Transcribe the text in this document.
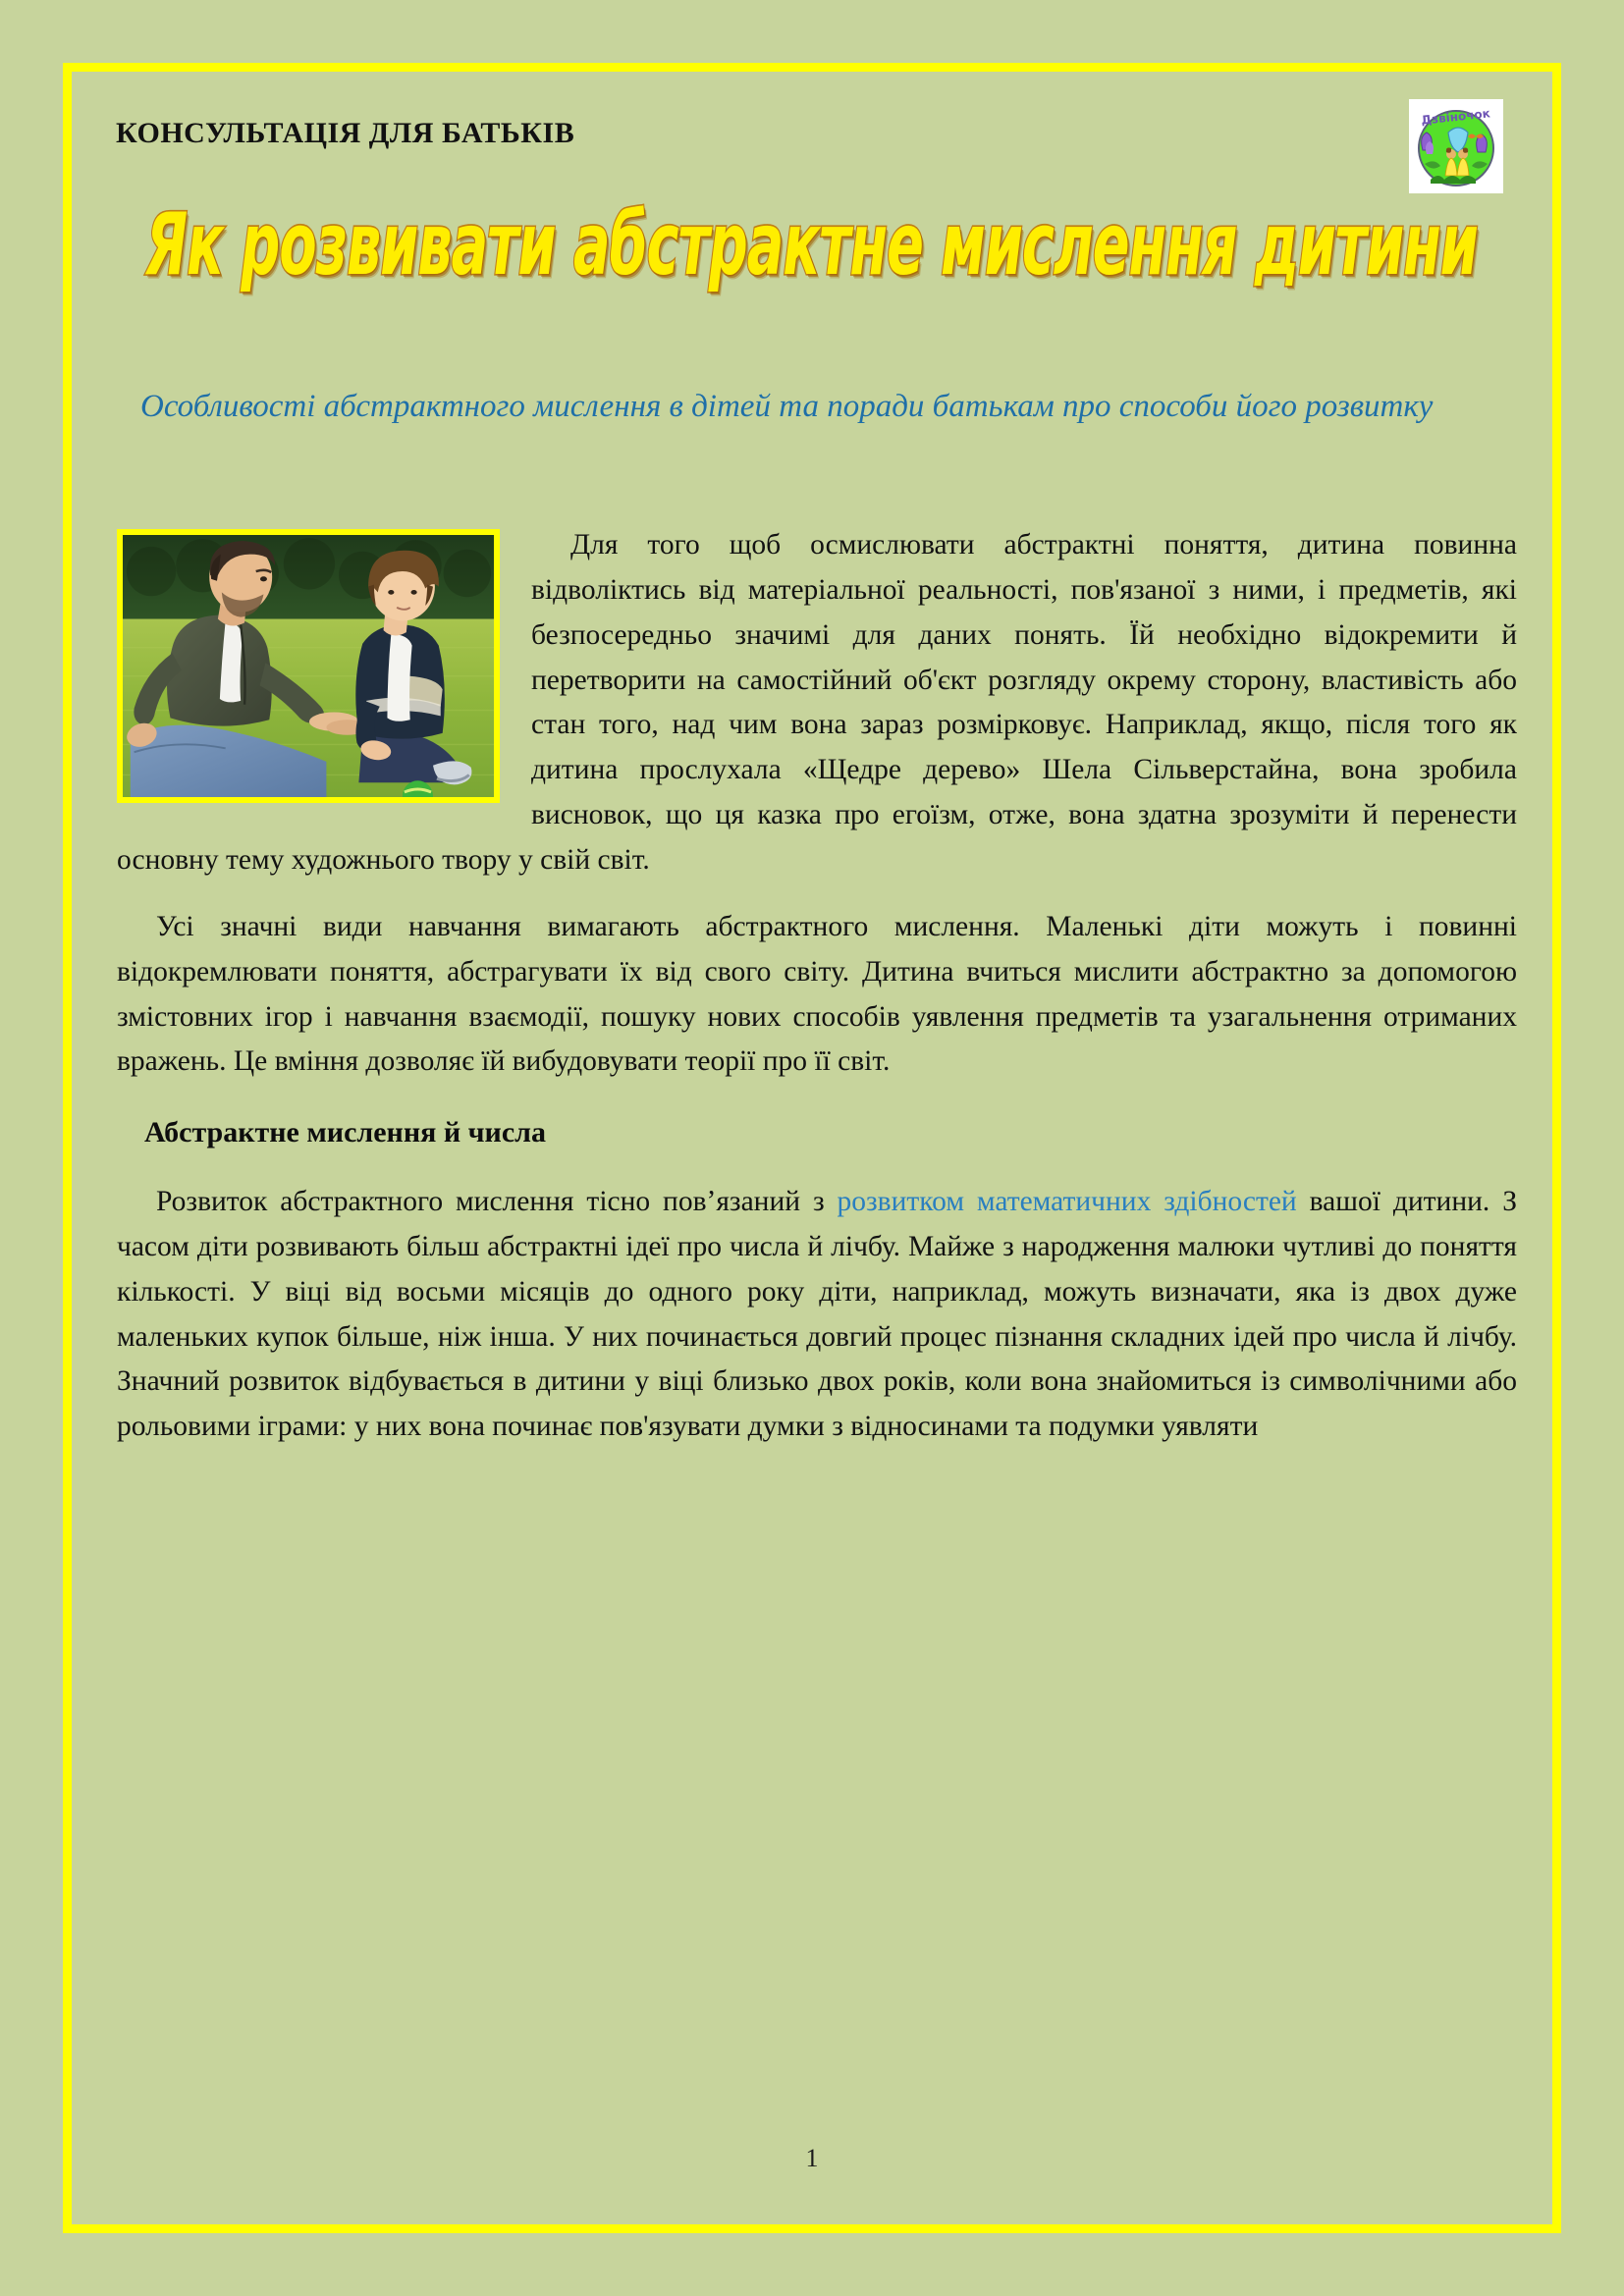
КОНСУЛЬТАЦІЯ ДЛЯ БАТЬКІВ	Дзвіночок
Як розвивати абстрактне мислення дитини
Особливості абстрактного мислення в дітей та поради батькам про способи його розвитку

Для того щоб осмислювати абстрактні поняття, дитина повинна відволіктись від матеріальної реальності, пов'язаної з ними, і предметів, які безпосередньо значимі для даних понять. Їй необхідно відокремити й перетворити на самостійний об'єкт розгляду окрему сторону, властивість або стан того, над чим вона зараз розмірковує. Наприклад, якщо, після того як дитина прослухала «Щедре дерево» Шела Сільверстайна, вона зробила висновок, що ця казка про егоїзм, отже, вона здатна зрозуміти й перенести основну тему художнього твору у свій світ.

Усі значні види навчання вимагають абстрактного мислення. Маленькі діти можуть і повинні відокремлювати поняття, абстрагувати їх від свого світу. Дитина вчиться мислити абстрактно за допомогою змістовних ігор і навчання взаємодії, пошуку нових способів уявлення предметів та узагальнення отриманих вражень. Це вміння дозволяє їй вибудовувати теорії про її світ.

Абстрактне мислення й числа

Розвиток абстрактного мислення тісно повʼязаний з розвитком математичних здібностей вашої дитини. З часом діти розвивають більш абстрактні ідеї про числа й лічбу. Майже з народження малюки чутливі до поняття кількості. У віці від восьми місяців до одного року діти, наприклад, можуть визначати, яка із двох дуже маленьких купок більше, ніж інша. У них починається довгий процес пізнання складних ідей про числа й лічбу. Значний розвиток відбувається в дитини у віці близько двох років, коли вона знайомиться із символічними або рольовими іграми: у них вона починає пов'язувати думки з відносинами та подумки уявляти

1
